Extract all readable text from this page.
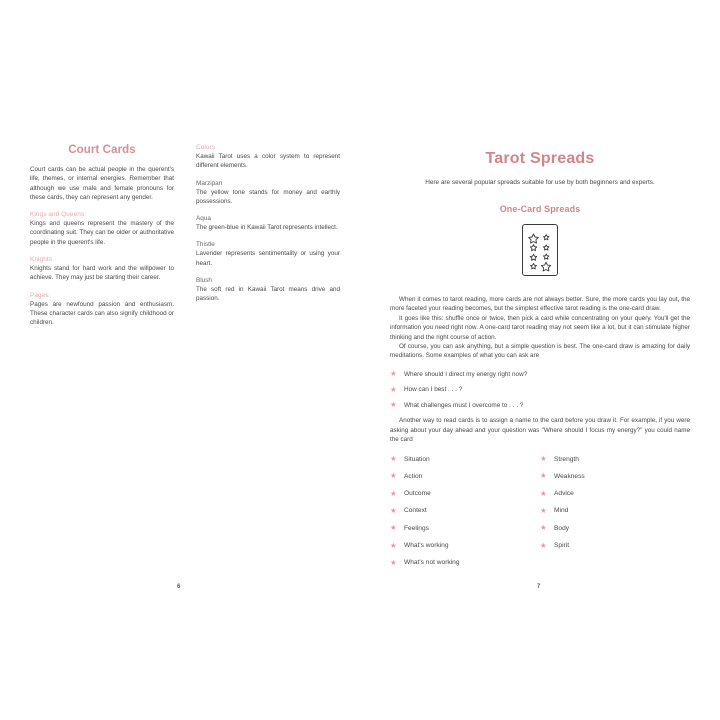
Court Cards

Court cards can be actual people in the querent's life, themes, or internal energies. Remember that although we use male and female pronouns for these cards, they can represent any gender.

Kings and Queens

Kings and queens represent the mastery of the coordinating suit. They can be older or authoritative people in the querent's life.

Knights

Knights stand for hard work and the willpower to achieve. They may just be starting their career.

Pages

Pages are newfound passion and enthusiasm. These character cards can also signify childhood or children.

Colors

Kawaii Tarot uses a color system to represent different elements.

Marzipan

The yellow tone stands for money and earthly possessions.

Aqua

The green-blue in Kawaii Tarot represents intellect.

Thistle

Lavender represents sentimentality or using your heart.

Blush

The soft red in Kawaii Tarot means drive and passion.

Tarot Spreads

Here are several popular spreads suitable for use by both beginners and experts.

One-Card Spreads

When it comes to tarot reading, more cards are not always better. Sure, the more cards you lay out, the more faceted your reading becomes, but the simplest effective tarot reading is the one-card draw.

It goes like this: shuffle once or twice, then pick a card while concentrating on your query. You'll get the information you need right now. A one-card tarot reading may not seem like a lot, but it can stimulate higher thinking and the right course of action.

Of course, you can ask anything, but a simple question is best. The one-card draw is amazing for daily meditations. Some examples of what you can ask are

★ Where should I direct my energy right now?
★ How can I best . . . ?
★ What challenges must I overcome to . . . ?

Another way to read cards is to assign a name to the card before you draw it. For example, if you were asking about your day ahead and your question was "Where should I focus my energy?" you could name the card

★ Situation
★ Action
★ Outcome
★ Context
★ Feelings
★ What's working
★ What's not working
★ Strength
★ Weakness
★ Advice
★ Mind
★ Body
★ Spirit
6	7
